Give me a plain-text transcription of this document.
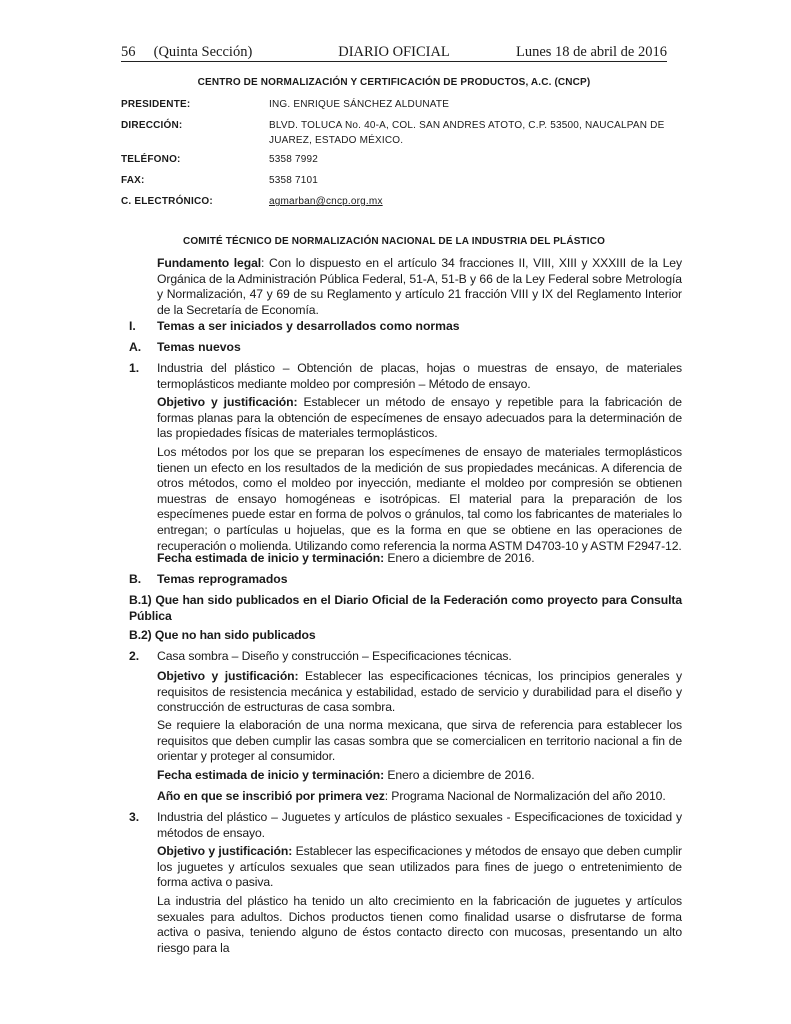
56     (Quinta Sección)	DIARIO OFICIAL	Lunes 18 de abril de 2016
CENTRO DE NORMALIZACIÓN Y CERTIFICACIÓN DE PRODUCTOS, A.C. (CNCP)
PRESIDENTE:	ING. ENRIQUE SÁNCHEZ ALDUNATE
DIRECCIÓN:	BLVD. TOLUCA No. 40-A, COL. SAN ANDRES ATOTO, C.P. 53500, NAUCALPAN DE JUAREZ, ESTADO MÉXICO.
TELÉFONO:	5358 7992
FAX:	5358 7101
C. ELECTRÓNICO:	agmarban@cncp.org.mx
COMITÉ TÉCNICO DE NORMALIZACIÓN NACIONAL DE LA INDUSTRIA DEL PLÁSTICO
Fundamento legal: Con lo dispuesto en el artículo 34 fracciones II, VIII, XIII y XXXIII de la Ley Orgánica de la Administración Pública Federal, 51-A, 51-B y 66 de la Ley Federal sobre Metrología y Normalización, 47 y 69 de su Reglamento y artículo 21 fracción VIII y IX del Reglamento Interior de la Secretaría de Economía.
I. Temas a ser iniciados y desarrollados como normas
A. Temas nuevos
1. Industria del plástico – Obtención de placas, hojas o muestras de ensayo, de materiales termoplásticos mediante moldeo por compresión – Método de ensayo.
Objetivo y justificación: Establecer un método de ensayo y repetible para la fabricación de formas planas para la obtención de especímenes de ensayo adecuados para la determinación de las propiedades físicas de materiales termoplásticos.
Los métodos por los que se preparan los especímenes de ensayo de materiales termoplásticos tienen un efecto en los resultados de la medición de sus propiedades mecánicas. A diferencia de otros métodos, como el moldeo por inyección, mediante el moldeo por compresión se obtienen muestras de ensayo homogéneas e isotrópicas. El material para la preparación de los especímenes puede estar en forma de polvos o gránulos, tal como los fabricantes de materiales lo entregan; o partículas u hojuelas, que es la forma en que se obtiene en las operaciones de recuperación o molienda. Utilizando como referencia la norma ASTM D4703-10 y ASTM F2947-12.
Fecha estimada de inicio y terminación: Enero a diciembre de 2016.
B. Temas reprogramados
B.1) Que han sido publicados en el Diario Oficial de la Federación como proyecto para Consulta Pública
B.2) Que no han sido publicados
2. Casa sombra – Diseño y construcción – Especificaciones técnicas.
Objetivo y justificación: Establecer las especificaciones técnicas, los principios generales y requisitos de resistencia mecánica y estabilidad, estado de servicio y durabilidad para el diseño y construcción de estructuras de casa sombra.
Se requiere la elaboración de una norma mexicana, que sirva de referencia para establecer los requisitos que deben cumplir las casas sombra que se comercialicen en territorio nacional a fin de orientar y proteger al consumidor.
Fecha estimada de inicio y terminación: Enero a diciembre de 2016.
Año en que se inscribió por primera vez: Programa Nacional de Normalización del año 2010.
3. Industria del plástico – Juguetes y artículos de plástico sexuales - Especificaciones de toxicidad y métodos de ensayo.
Objetivo y justificación: Establecer las especificaciones y métodos de ensayo que deben cumplir los juguetes y artículos sexuales que sean utilizados para fines de juego o entretenimiento de forma activa o pasiva.
La industria del plástico ha tenido un alto crecimiento en la fabricación de juguetes y artículos sexuales para adultos. Dichos productos tienen como finalidad usarse o disfrutarse de forma activa o pasiva, teniendo alguno de éstos contacto directo con mucosas, presentando un alto riesgo para la
